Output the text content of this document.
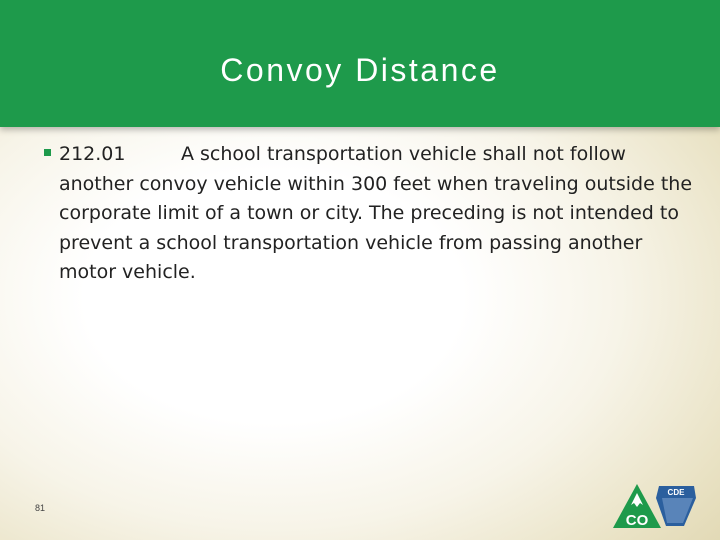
Convoy Distance
212.01	A school transportation vehicle shall not follow another convoy vehicle within 300 feet when traveling outside the corporate limit of a town or city. The preceding is not intended to prevent a school transportation vehicle from passing another motor vehicle.
81
CO
CDE
